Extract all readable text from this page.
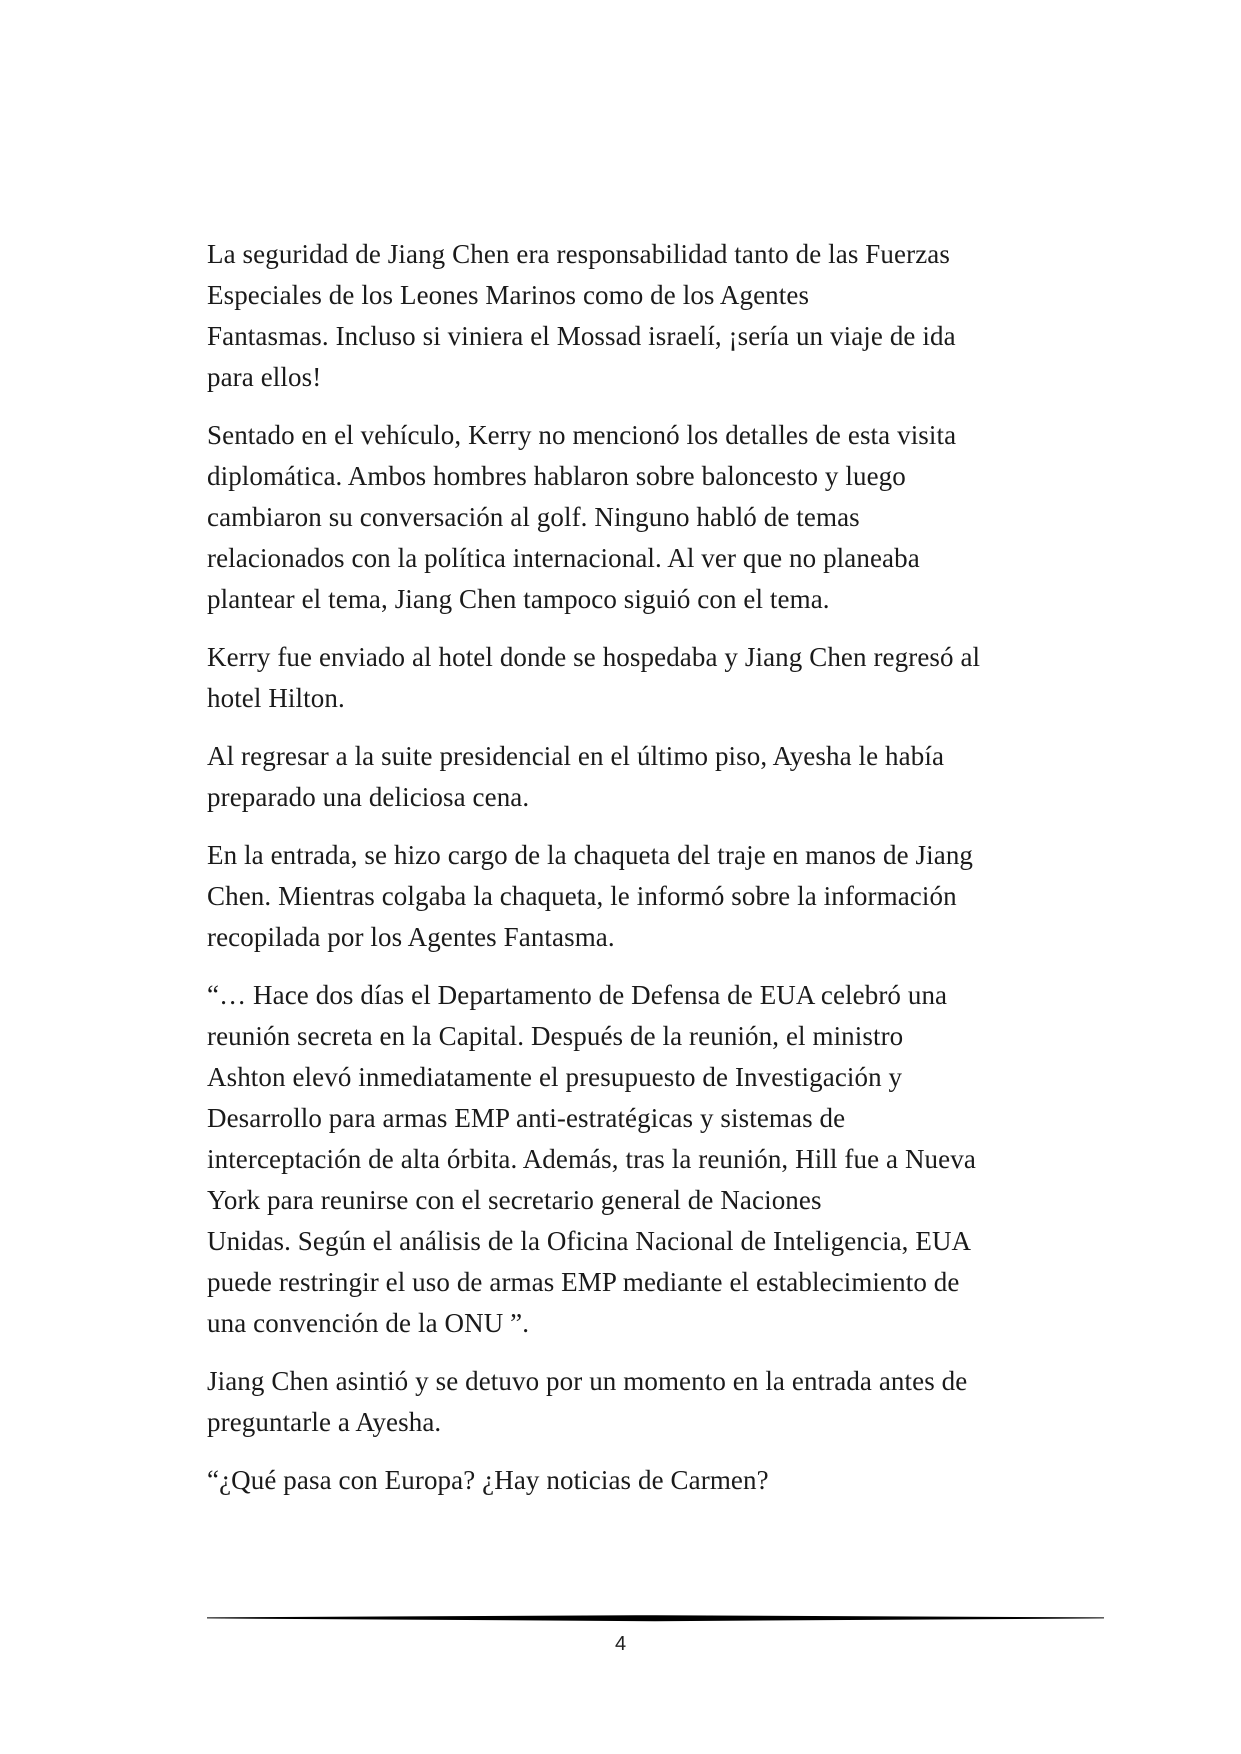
La seguridad de Jiang Chen era responsabilidad tanto de las Fuerzas
Especiales de los Leones Marinos como de los Agentes
Fantasmas. Incluso si viniera el Mossad israelí, ¡sería un viaje de ida
para ellos!

Sentado en el vehículo, Kerry no mencionó los detalles de esta visita
diplomática. Ambos hombres hablaron sobre baloncesto y luego
cambiaron su conversación al golf. Ninguno habló de temas
relacionados con la política internacional. Al ver que no planeaba
plantear el tema, Jiang Chen tampoco siguió con el tema.

Kerry fue enviado al hotel donde se hospedaba y Jiang Chen regresó al
hotel Hilton.

Al regresar a la suite presidencial en el último piso, Ayesha le había
preparado una deliciosa cena.

En la entrada, se hizo cargo de la chaqueta del traje en manos de Jiang
Chen. Mientras colgaba la chaqueta, le informó sobre la información
recopilada por los Agentes Fantasma.

“… Hace dos días el Departamento de Defensa de EUA celebró una
reunión secreta en la Capital. Después de la reunión, el ministro
Ashton elevó inmediatamente el presupuesto de Investigación y
Desarrollo para armas EMP anti-estratégicas y sistemas de
interceptación de alta órbita. Además, tras la reunión, Hill fue a Nueva
York para reunirse con el secretario general de Naciones
Unidas. Según el análisis de la Oficina Nacional de Inteligencia, EUA
puede restringir el uso de armas EMP mediante el establecimiento de
una convención de la ONU ”.

Jiang Chen asintió y se detuvo por un momento en la entrada antes de
preguntarle a Ayesha.

“¿Qué pasa con Europa? ¿Hay noticias de Carmen?

4
